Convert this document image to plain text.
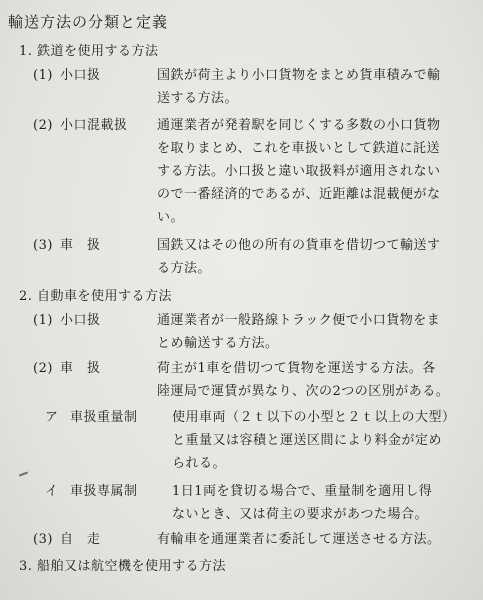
輸送方法の分類と定義
1. 鉄道を使用する方法
(1) 小口扱	国鉄が荷主より小口貨物をまとめ貨車積みで輸
送する方法。
(2) 小口混載扱 通運業者が発着駅を同じくする多数の小口貨物
を取りまとめ、これを車扱いとして鉄道に託送
する方法。小口扱と違い取扱料が適用されない
ので一番経済的であるが、近距離は混載便がな
い。
(3) 車　扱	国鉄又はその他の所有の貨車を借切つて輸送す
る方法。
2. 自動車を使用する方法
(1) 小口扱	通運業者が一般路線トラック便で小口貨物をま
とめ輸送する方法。
(2) 車　扱	荷主が1車を借切つて貨物を運送する方法。各
陸運局で運賃が異なり、次の2つの区別がある。
ア 車扱重量制	使用車両（２ｔ以下の小型と２ｔ以上の大型）
と重量又は容積と運送区間により料金が定め
られる。
イ 車扱専属制	1日1両を貸切る場合で、重量制を適用し得
ないとき、又は荷主の要求があつた場合。
(3) 自　走	有輪車を通運業者に委託して運送させる方法。
3. 船舶又は航空機を使用する方法
